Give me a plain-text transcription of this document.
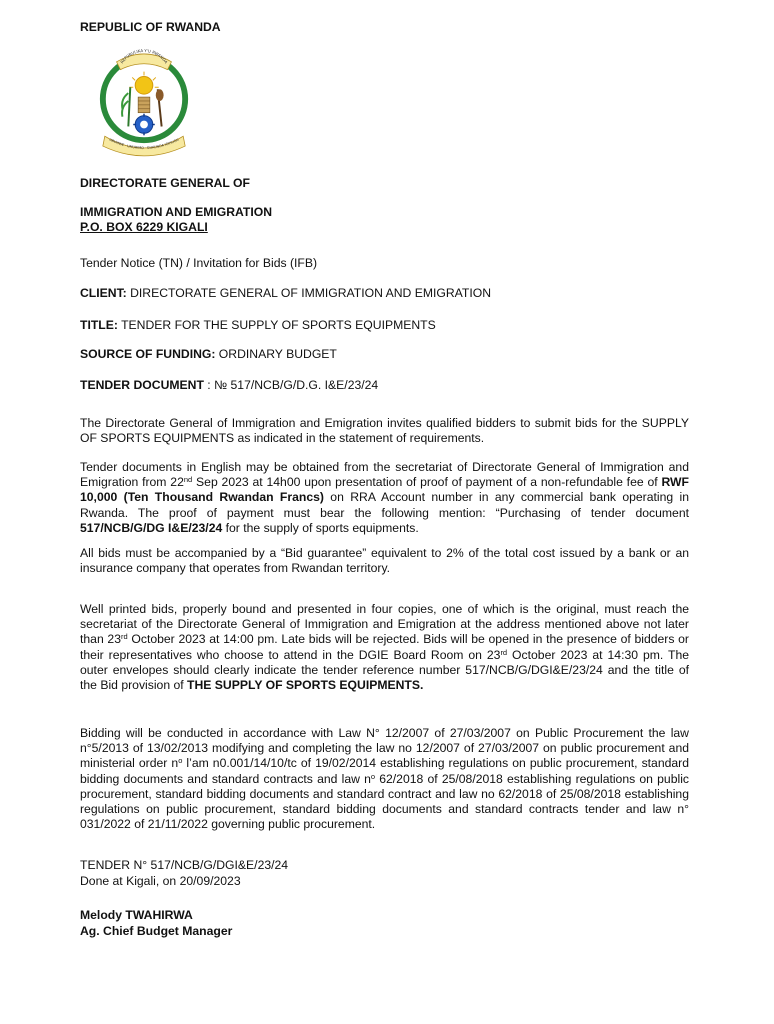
REPUBLIC OF RWANDA
REPUBULIKA Y'U RWANDA
UBUMWE · UMURIMO · GUKUNDA IGIHUGU
DIRECTORATE GENERAL OF
IMMIGRATION AND EMIGRATION
P.O. BOX 6229 KIGALI
Tender Notice (TN) / Invitation for Bids (IFB)
CLIENT: DIRECTORATE GENERAL OF IMMIGRATION AND EMIGRATION
TITLE: TENDER FOR THE SUPPLY OF SPORTS EQUIPMENTS
SOURCE OF FUNDING: ORDINARY BUDGET
TENDER DOCUMENT : № 517/NCB/G/D.G. I&E/23/24

The Directorate General of Immigration and Emigration invites qualified bidders to submit bids for the SUPPLY OF SPORTS EQUIPMENTS as indicated in the statement of requirements.

Tender documents in English may be obtained from the secretariat of Directorate General of Immigration and Emigration from 22nd Sep 2023 at 14h00 upon presentation of proof of payment of a non-refundable fee of RWF 10,000 (Ten Thousand Rwandan Francs) on RRA Account number in any commercial bank operating in Rwanda. The proof of payment must bear the following mention: “Purchasing of tender document 517/NCB/G/DG I&E/23/24 for the supply of sports equipments.

All bids must be accompanied by a “Bid guarantee” equivalent to 2% of the total cost issued by a bank or an insurance company that operates from Rwandan territory.

Well printed bids, properly bound and presented in four copies, one of which is the original, must reach the secretariat of the Directorate General of Immigration and Emigration at the address mentioned above not later than 23rd October 2023 at 14:00 pm. Late bids will be rejected. Bids will be opened in the presence of bidders or their representatives who choose to attend in the DGIE Board Room on 23rd October 2023 at 14:30 pm. The outer envelopes should clearly indicate the tender reference number 517/NCB/G/DGI&E/23/24 and the title of the Bid provision of THE SUPPLY OF SPORTS EQUIPMENTS.

Bidding will be conducted in accordance with Law N° 12/2007 of 27/03/2007 on Public Procurement the law n°5/2013 of 13/02/2013 modifying and completing the law no 12/2007 of 27/03/2007 on public procurement and ministerial order $n^o$ l’am n0.001/14/10/tc of 19/02/2014 establishing regulations on public procurement, standard bidding documents and standard contracts and law $n^o$ 62/2018 of 25/08/2018 establishing regulations on public procurement, standard bidding documents and standard contract and law no 62/2018 of 25/08/2018 establishing regulations on public procurement, standard bidding documents and standard contracts tender and law n° 031/2022 of 21/11/2022 governing public procurement.

TENDER N° 517/NCB/G/DGI&E/23/24
Done at Kigali, on 20/09/2023
Melody TWAHIRWA
Ag. Chief Budget Manager
